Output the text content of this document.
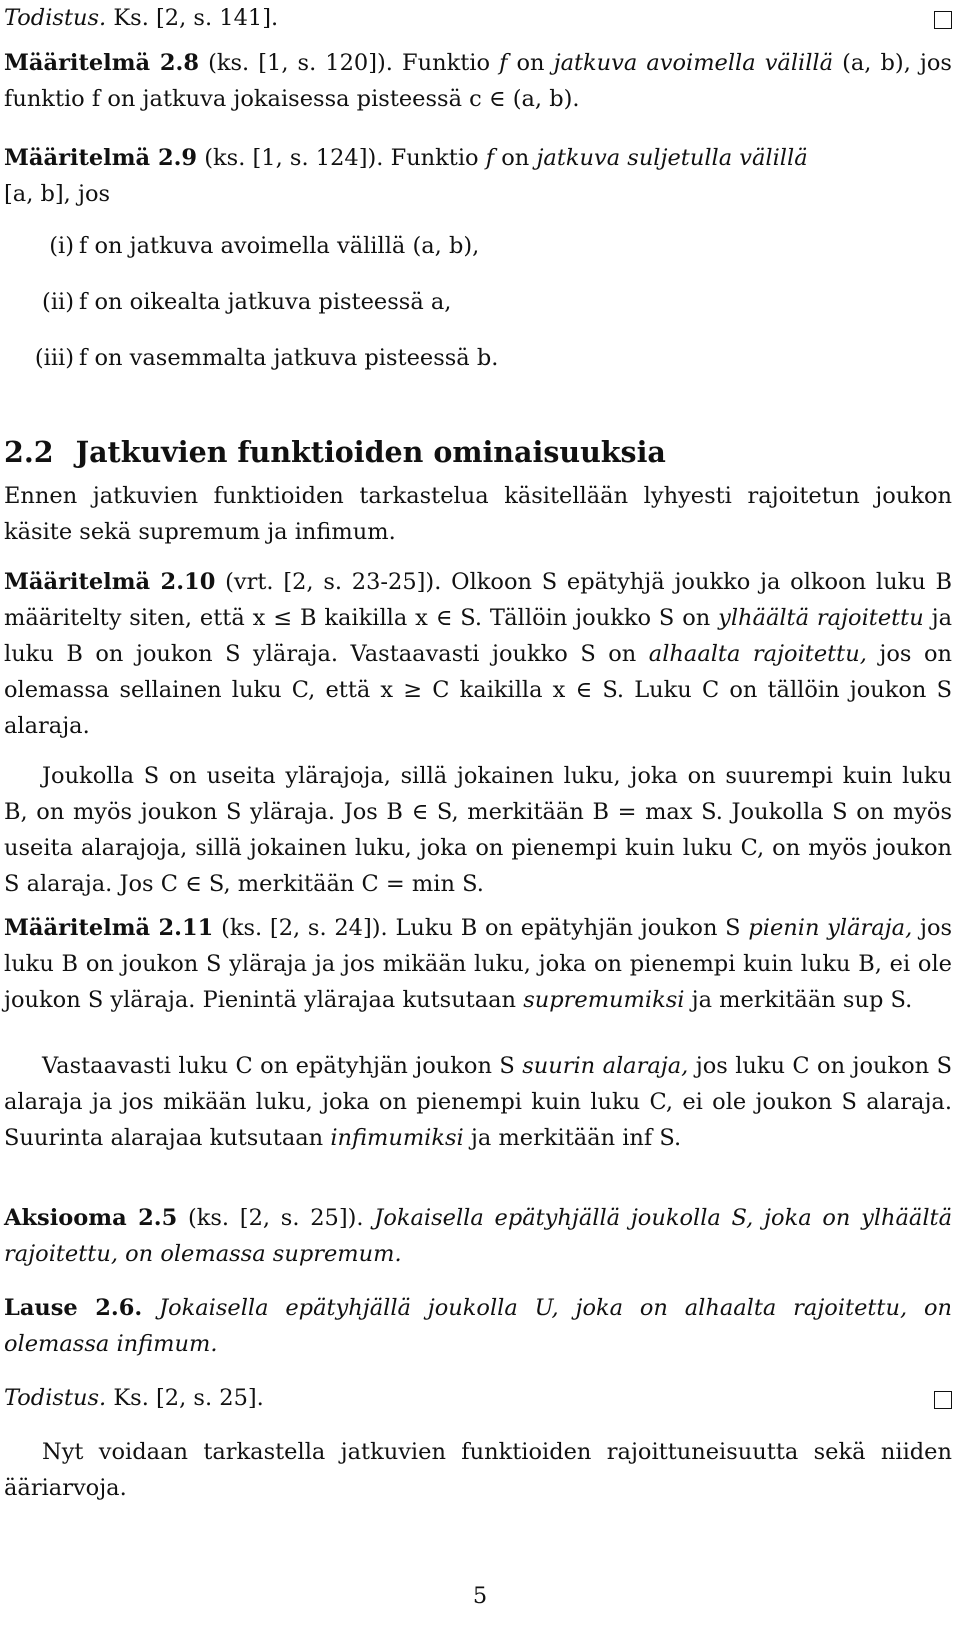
Todistus. Ks. [2, s. 141].

Määritelmä 2.8 (ks. [1, s. 120]). Funktio f on jatkuva avoimella välillä (a, b), jos funktio f on jatkuva jokaisessa pisteessä c ∈ (a, b).

Määritelmä 2.9 (ks. [1, s. 124]). Funktio f on jatkuva suljetulla välillä
[a, b], jos

(i) f on jatkuva avoimella välillä (a, b),
(ii) f on oikealta jatkuva pisteessä a,
(iii) f on vasemmalta jatkuva pisteessä b.
2.2 Jatkuvien funktioiden ominaisuuksia

Ennen jatkuvien funktioiden tarkastelua käsitellään lyhyesti rajoitetun joukon käsite sekä supremum ja infimum.

Määritelmä 2.10 (vrt. [2, s. 23-25]). Olkoon S epätyhjä joukko ja olkoon luku B määritelty siten, että x ≤ B kaikilla x ∈ S. Tällöin joukko S on ylhäältä rajoitettu ja luku B on joukon S yläraja. Vastaavasti joukko S on alhaalta rajoitettu, jos on olemassa sellainen luku C, että x ≥ C kaikilla x ∈ S. Luku C on tällöin joukon S alaraja.

Joukolla S on useita ylärajoja, sillä jokainen luku, joka on suurempi kuin luku B, on myös joukon S yläraja. Jos B ∈ S, merkitään B = max S. Joukolla S on myös useita alarajoja, sillä jokainen luku, joka on pienempi kuin luku C, on myös joukon S alaraja. Jos C ∈ S, merkitään C = min S.

Määritelmä 2.11 (ks. [2, s. 24]). Luku B on epätyhjän joukon S pienin yläraja, jos luku B on joukon S yläraja ja jos mikään luku, joka on pienempi kuin luku B, ei ole joukon S yläraja. Pienintä ylärajaa kutsutaan supremumiksi ja merkitään sup S.

Vastaavasti luku C on epätyhjän joukon S suurin alaraja, jos luku C on joukon S alaraja ja jos mikään luku, joka on pienempi kuin luku C, ei ole joukon S alaraja. Suurinta alarajaa kutsutaan infimumiksi ja merkitään inf S.

Aksiooma 2.5 (ks. [2, s. 25]). Jokaisella epätyhjällä joukolla S, joka on ylhäältä rajoitettu, on olemassa supremum.

Lause 2.6. Jokaisella epätyhjällä joukolla U, joka on alhaalta rajoitettu, on olemassa infimum.

Todistus. Ks. [2, s. 25].

Nyt voidaan tarkastella jatkuvien funktioiden rajoittuneisuutta sekä niiden ääriarvoja.

5
